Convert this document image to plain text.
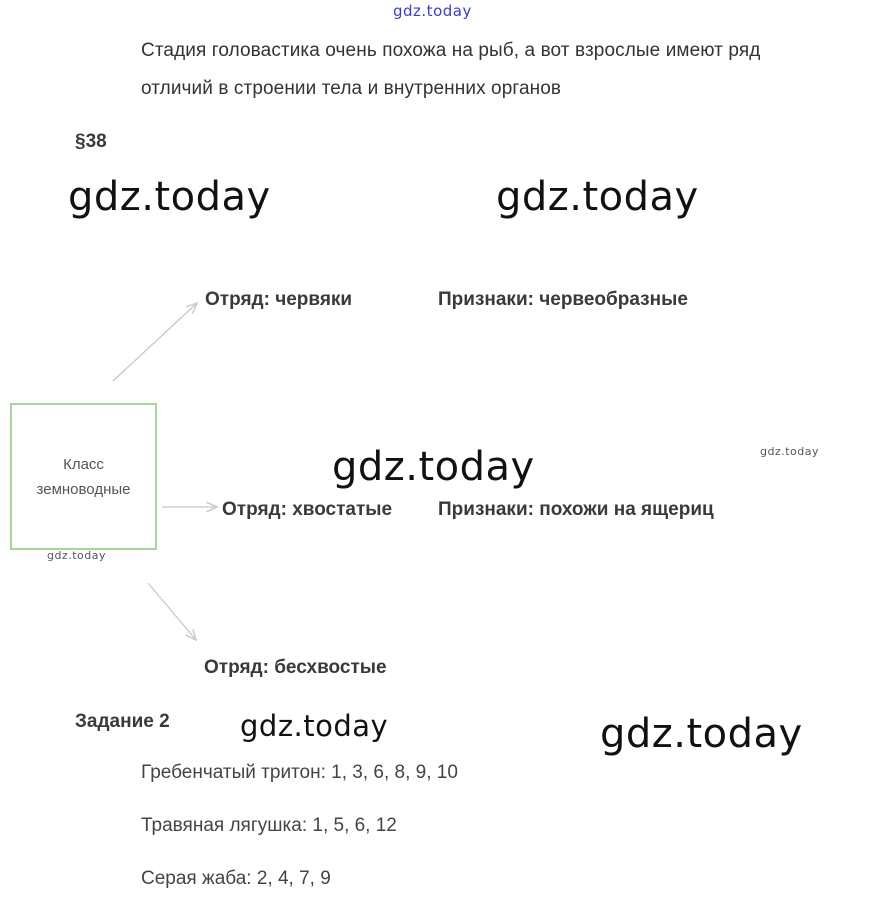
gdz.today
gdz.today	gdz.today
gdz.today
gdz.today
gdz.today
gdz.today
gdz.today
Стадия головастика очень похожа на рыб, а вот взрослые имеют ряд
отличий в строении тела и внутренних органов
§38
Класс
земноводные
Отряд: червяки	Признаки: червеобразные
Отряд: хвостатые Признаки: похожи на ящериц
Отряд: бесхвостые
Задание 2
Гребенчатый тритон: 1, 3, 6, 8, 9, 10
Травяная лягушка: 1, 5, 6, 12
Серая жаба: 2, 4, 7, 9
